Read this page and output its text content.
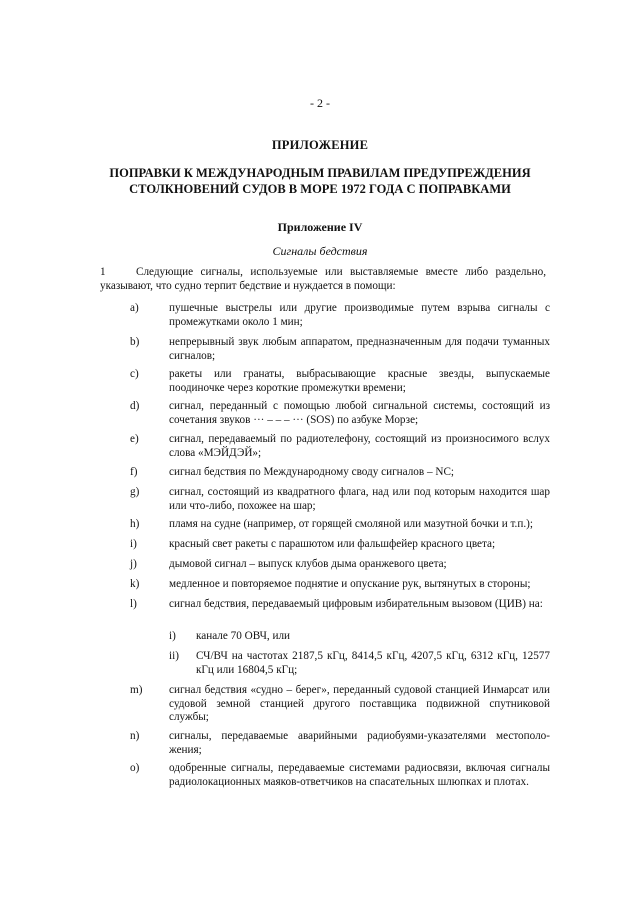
- 2 -
ПРИЛОЖЕНИЕ
ПОПРАВКИ К МЕЖДУНАРОДНЫМ ПРАВИЛАМ ПРЕДУПРЕЖДЕНИЯ
СТОЛКНОВЕНИЙ СУДОВ В МОРЕ 1972 ГОДА С ПОПРАВКАМИ
Приложение IV
Сигналы бедствия
1	Следующие сигналы, используемые или выставляемые вместе либо раздельно, указывают, что судно терпит бедствие и нуждается в помощи:
a)	пушечные выстрелы или другие производимые путем взрыва сигналы с промежутками около 1 мин;
b)	непрерывный звук любым аппаратом, предназначенным для подачи туманных сигналов;
c)	ракеты или гранаты, выбрасывающие красные звезды, выпускаемые поодиночке через короткие промежутки времени;
d)	сигнал, переданный с помощью любой сигнальной системы, состоящий из сочетания звуков ··· – – – ··· (SOS) по азбуке Морзе;
e)	сигнал, передаваемый по радиотелефону, состоящий из произносимого вслух слова «МЭЙДЭЙ»;
f)	сигнал бедствия по Международному своду сигналов – NC;
g)	сигнал, состоящий из квадратного флага, над или под которым находится шар или что-либо, похожее на шар;
h)	пламя на судне (например, от горящей смоляной или мазутной бочки и т.п.);
i)	красный свет ракеты с парашютом или фальшфейер красного цвета;
j)	дымовой сигнал – выпуск клубов дыма оранжевого цвета;
k)	медленное и повторяемое поднятие и опускание рук, вытянутых в стороны;
l)	сигнал бедствия, передаваемый цифровым избирательным вызовом (ЦИВ) на:
i)	канале 70 ОВЧ, или
ii)	СЧ/ВЧ на частотах 2187,5 кГц, 8414,5 кГц, 4207,5 кГц, 6312 кГц, 12577 кГц или 16804,5 кГц;
m)	сигнал бедствия «судно – берег», переданный судовой станцией Инмарсат или судовой земной станцией другого поставщика подвижной спутниковой службы;
n)	сигналы, передаваемые аварийными радиобуями-указателями местополо-жения;
o)	одобренные сигналы, передаваемые системами радиосвязи, включая сигналы радиолокационных маяков-ответчиков на спасательных шлюпках и плотах.
